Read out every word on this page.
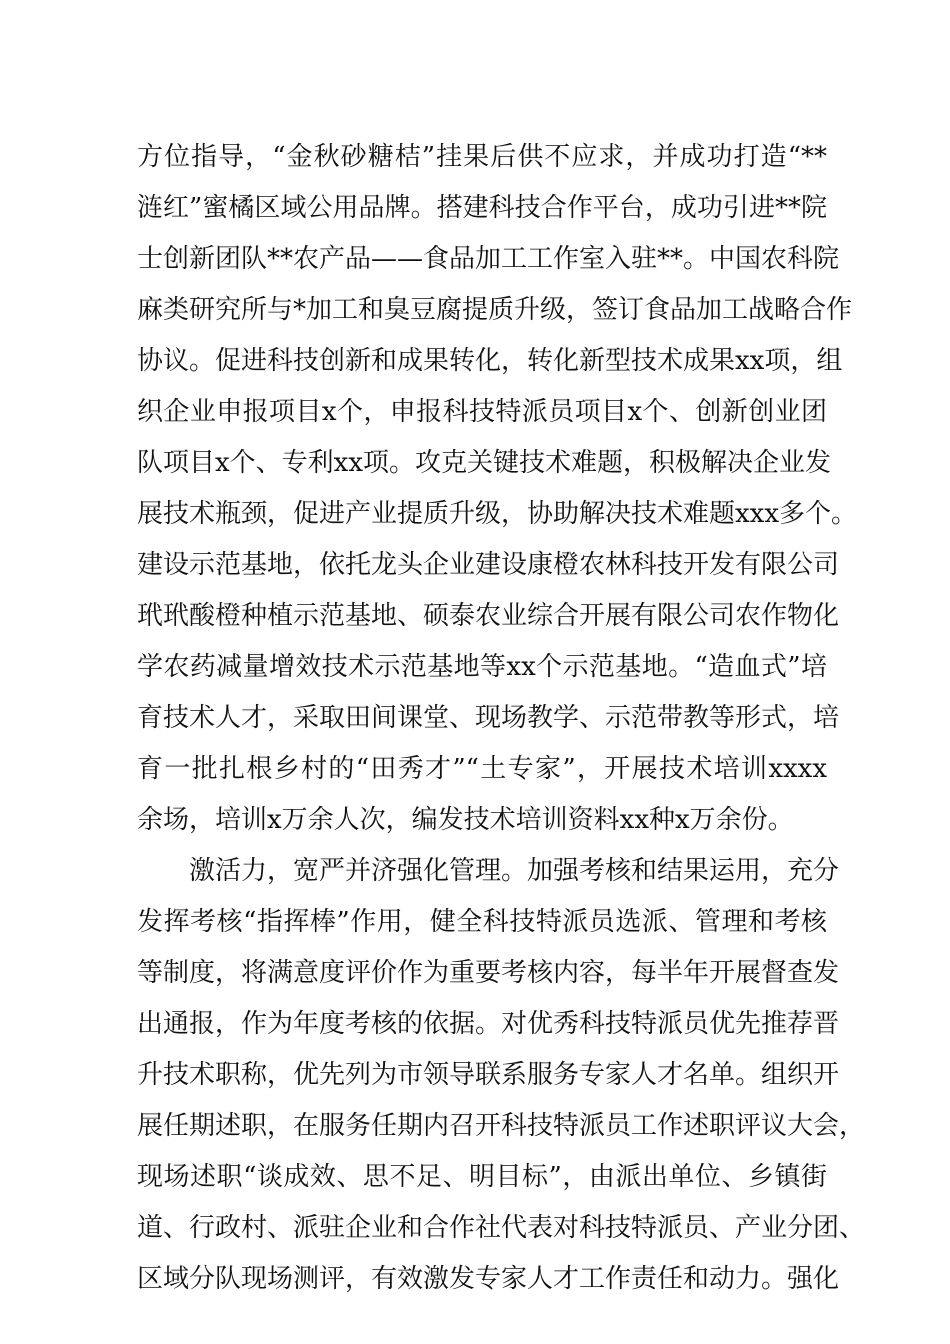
方位指导，“金秋砂糖桔”挂果后供不应求，并成功打造“**
涟红”蜜橘区域公用品牌。搭建科技合作平台，成功引进**院
士创新团队**农产品——食品加工工作室入驻**。中国农科院
麻类研究所与*加工和臭豆腐提质升级，签订食品加工战略合作
协议。促进科技创新和成果转化，转化新型技术成果xx项，组
织企业申报项目x个，申报科技特派员项目x个、创新创业团
队项目x个、专利xx项。攻克关键技术难题，积极解决企业发
展技术瓶颈，促进产业提质升级，协助解决技术难题xxx多个。
建设示范基地，依托龙头企业建设康橙农林科技开发有限公司
玳玳酸橙种植示范基地、硕泰农业综合开展有限公司农作物化
学农药减量增效技术示范基地等xx个示范基地。“造血式”培
育技术人才，采取田间课堂、现场教学、示范带教等形式，培
育一批扎根乡村的“田秀才”“土专家”，开展技术培训xxxx
余场，培训x万余人次，编发技术培训资料xx种x万余份。
激活力，宽严并济强化管理。加强考核和结果运用，充分
发挥考核“指挥棒”作用，健全科技特派员选派、管理和考核
等制度，将满意度评价作为重要考核内容，每半年开展督查发
出通报，作为年度考核的依据。对优秀科技特派员优先推荐晋
升技术职称，优先列为市领导联系服务专家人才名单。组织开
展任期述职，在服务任期内召开科技特派员工作述职评议大会，
现场述职“谈成效、思不足、明目标”，由派出单位、乡镇街
道、行政村、派驻企业和合作社代表对科技特派员、产业分团、
区域分队现场测评，有效激发专家人才工作责任和动力。强化
